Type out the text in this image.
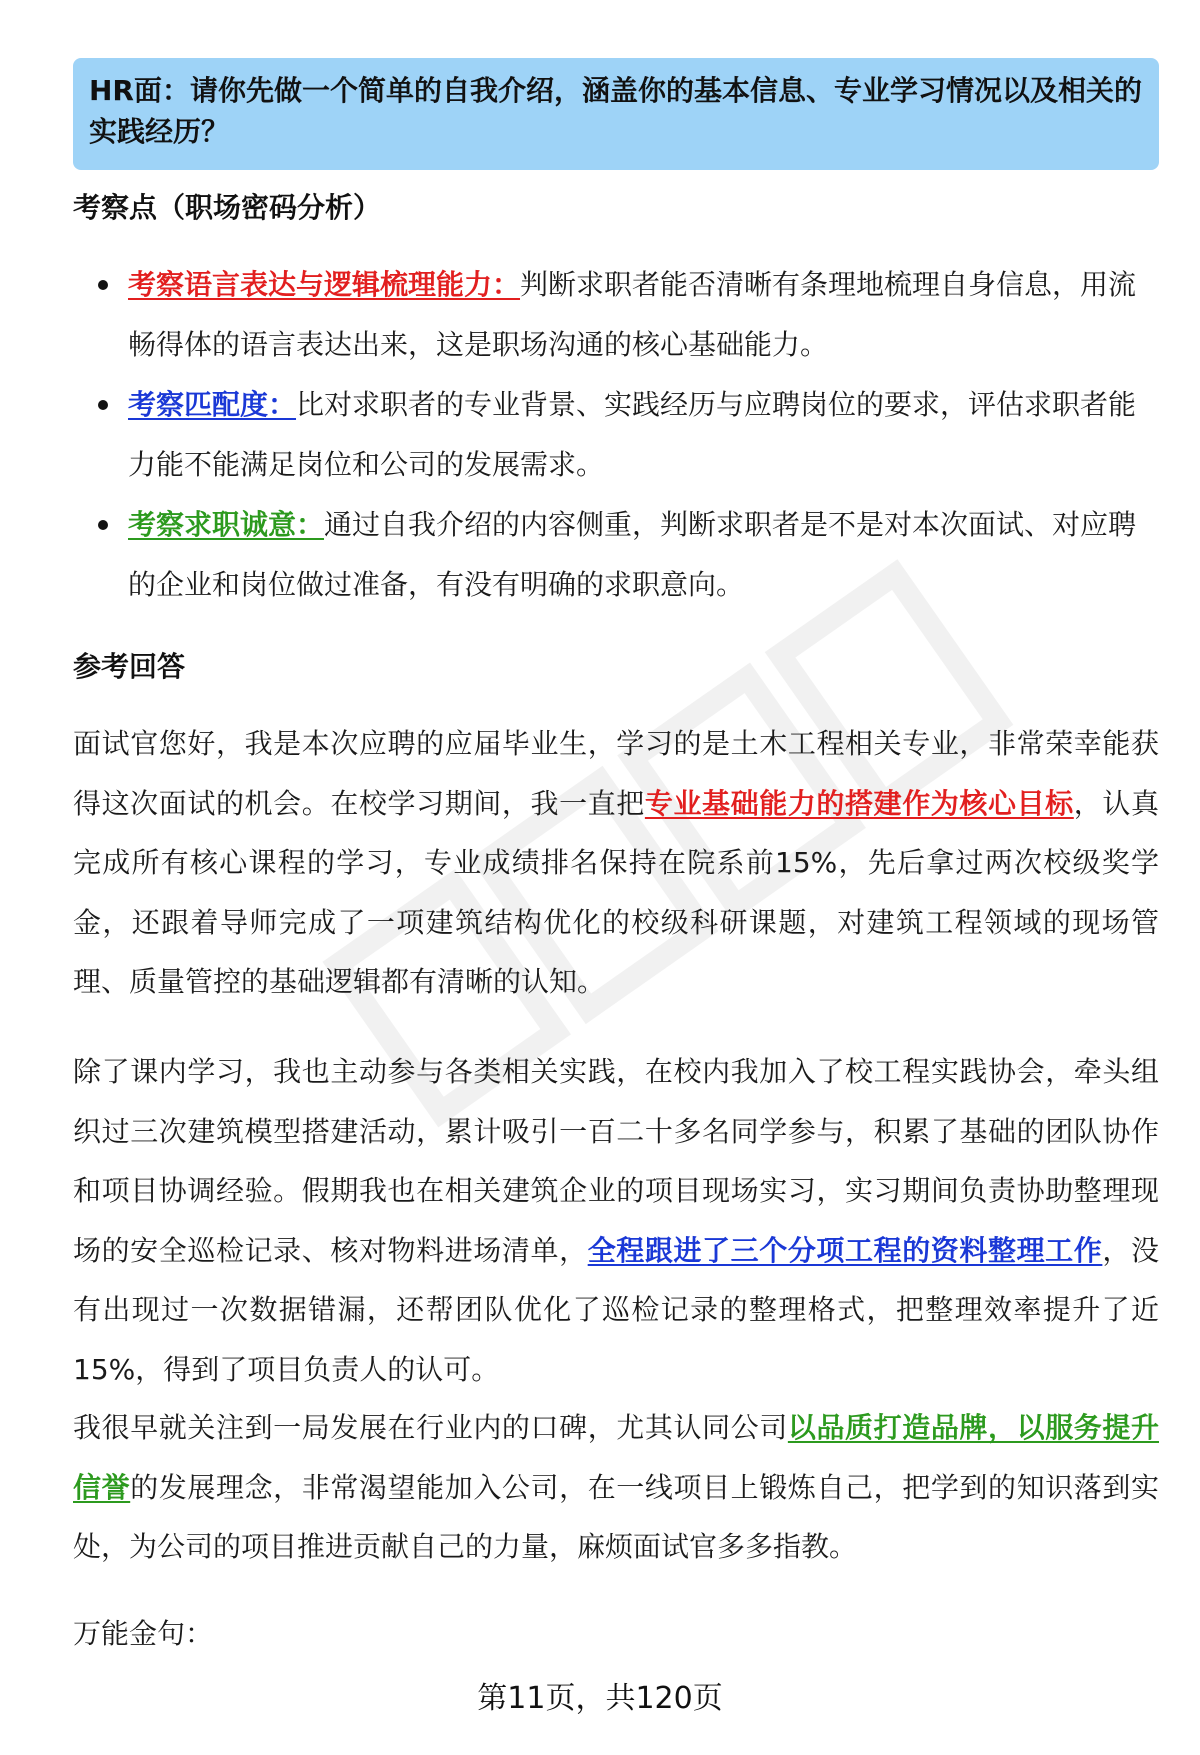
HR面：请你先做一个简单的自我介绍，涵盖你的基本信息、专业学习情况以及相关的实践经历？
考察点（职场密码分析）
考察语言表达与逻辑梳理能力：判断求职者能否清晰有条理地梳理自身信息，用流畅得体的语言表达出来，这是职场沟通的核心基础能力。
考察匹配度：比对求职者的专业背景、实践经历与应聘岗位的要求，评估求职者能力能不能满足岗位和公司的发展需求。
考察求职诚意：通过自我介绍的内容侧重，判断求职者是不是对本次面试、对应聘的企业和岗位做过准备，有没有明确的求职意向。
参考回答

面试官您好，我是本次应聘的应届毕业生，学习的是土木工程相关专业，非常荣幸能获得这次面试的机会。在校学习期间，我一直把专业基础能力的搭建作为核心目标，认真完成所有核心课程的学习，专业成绩排名保持在院系前15%，先后拿过两次校级奖学金，还跟着导师完成了一项建筑结构优化的校级科研课题，对建筑工程领域的现场管理、质量管控的基础逻辑都有清晰的认知。

除了课内学习，我也主动参与各类相关实践，在校内我加入了校工程实践协会，牵头组织过三次建筑模型搭建活动，累计吸引一百二十多名同学参与，积累了基础的团队协作和项目协调经验。假期我也在相关建筑企业的项目现场实习，实习期间负责协助整理现场的安全巡检记录、核对物料进场清单，全程跟进了三个分项工程的资料整理工作，没有出现过一次数据错漏，还帮团队优化了巡检记录的整理格式，把整理效率提升了近15%，得到了项目负责人的认可。

我很早就关注到一局发展在行业内的口碑，尤其认同公司以品质打造品牌，以服务提升信誉的发展理念，非常渴望能加入公司，在一线项目上锻炼自己，把学到的知识落到实处，为公司的项目推进贡献自己的力量，麻烦面试官多多指教。

万能金句：

第11页，共120页
